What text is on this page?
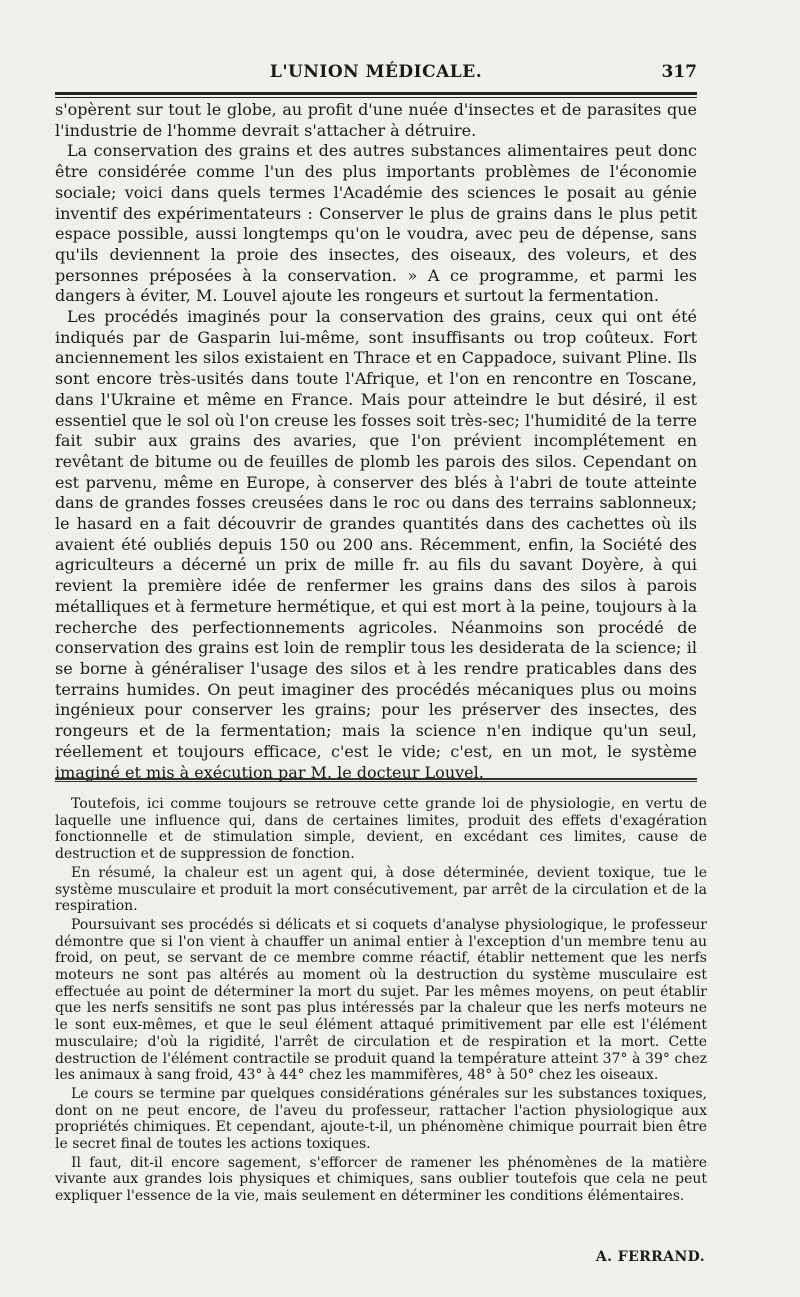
L'UNION MÉDICALE.	317

s'opèrent sur tout le globe, au profit d'une nuée d'insectes et de parasites que l'industrie de l'homme devrait s'attacher à détruire.

La conservation des grains et des autres substances alimentaires peut donc être considérée comme l'un des plus importants problèmes de l'économie sociale; voici dans quels termes l'Académie des sciences le posait au génie inventif des expérimentateurs : Conserver le plus de grains dans le plus petit espace possible, aussi longtemps qu'on le voudra, avec peu de dépense, sans qu'ils deviennent la proie des insectes, des oiseaux, des voleurs, et des personnes préposées à la conservation. » A ce programme, et parmi les dangers à éviter, M. Louvel ajoute les rongeurs et surtout la fermentation.

Les procédés imaginés pour la conservation des grains, ceux qui ont été indiqués par de Gasparin lui-même, sont insuffisants ou trop coûteux. Fort anciennement les silos existaient en Thrace et en Cappadoce, suivant Pline. Ils sont encore très-usités dans toute l'Afrique, et l'on en rencontre en Toscane, dans l'Ukraine et même en France. Mais pour atteindre le but désiré, il est essentiel que le sol où l'on creuse les fosses soit très-sec; l'humidité de la terre fait subir aux grains des avaries, que l'on prévient incomplétement en revêtant de bitume ou de feuilles de plomb les parois des silos. Cependant on est parvenu, même en Europe, à conserver des blés à l'abri de toute atteinte dans de grandes fosses creusées dans le roc ou dans des terrains sablonneux; le hasard en a fait découvrir de grandes quantités dans des cachettes où ils avaient été oubliés depuis 150 ou 200 ans. Récemment, enfin, la Société des agriculteurs a décerné un prix de mille fr. au fils du savant Doyère, à qui revient la première idée de renfermer les grains dans des silos à parois métalliques et à fermeture hermétique, et qui est mort à la peine, toujours à la recherche des perfectionnements agricoles. Néanmoins son procédé de conservation des grains est loin de remplir tous les desiderata de la science; il se borne à généraliser l'usage des silos et à les rendre praticables dans des terrains humides. On peut imaginer des procédés mécaniques plus ou moins ingénieux pour conserver les grains; pour les préserver des insectes, des rongeurs et de la fermentation; mais la science n'en indique qu'un seul, réellement et toujours efficace, c'est le vide; c'est, en un mot, le système imaginé et mis à exécution par M. le docteur Louvel.

Toutefois, ici comme toujours se retrouve cette grande loi de physiologie, en vertu de laquelle une influence qui, dans de certaines limites, produit des effets d'exagération fonctionnelle et de stimulation simple, devient, en excédant ces limites, cause de destruction et de suppression de fonction.

En résumé, la chaleur est un agent qui, à dose déterminée, devient toxique, tue le système musculaire et produit la mort consécutivement, par arrêt de la circulation et de la respiration.

Poursuivant ses procédés si délicats et si coquets d'analyse physiologique, le professeur démontre que si l'on vient à chauffer un animal entier à l'exception d'un membre tenu au froid, on peut, se servant de ce membre comme réactif, établir nettement que les nerfs moteurs ne sont pas altérés au moment où la destruction du système musculaire est effectuée au point de déterminer la mort du sujet. Par les mêmes moyens, on peut établir que les nerfs sensitifs ne sont pas plus intéressés par la chaleur que les nerfs moteurs ne le sont eux-mêmes, et que le seul élément attaqué primitivement par elle est l'élément musculaire; d'où la rigidité, l'arrêt de circulation et de respiration et la mort. Cette destruction de l'élément contractile se produit quand la température atteint 37° à 39° chez les animaux à sang froid, 43° à 44° chez les mammifères, 48° à 50° chez les oiseaux.

Le cours se termine par quelques considérations générales sur les substances toxiques, dont on ne peut encore, de l'aveu du professeur, rattacher l'action physiologique aux propriétés chimiques. Et cependant, ajoute-t-il, un phénomène chimique pourrait bien être le secret final de toutes les actions toxiques.

Il faut, dit-il encore sagement, s'efforcer de ramener les phénomènes de la matière vivante aux grandes lois physiques et chimiques, sans oublier toutefois que cela ne peut expliquer l'essence de la vie, mais seulement en déterminer les conditions élémentaires.

A. FERRAND.
